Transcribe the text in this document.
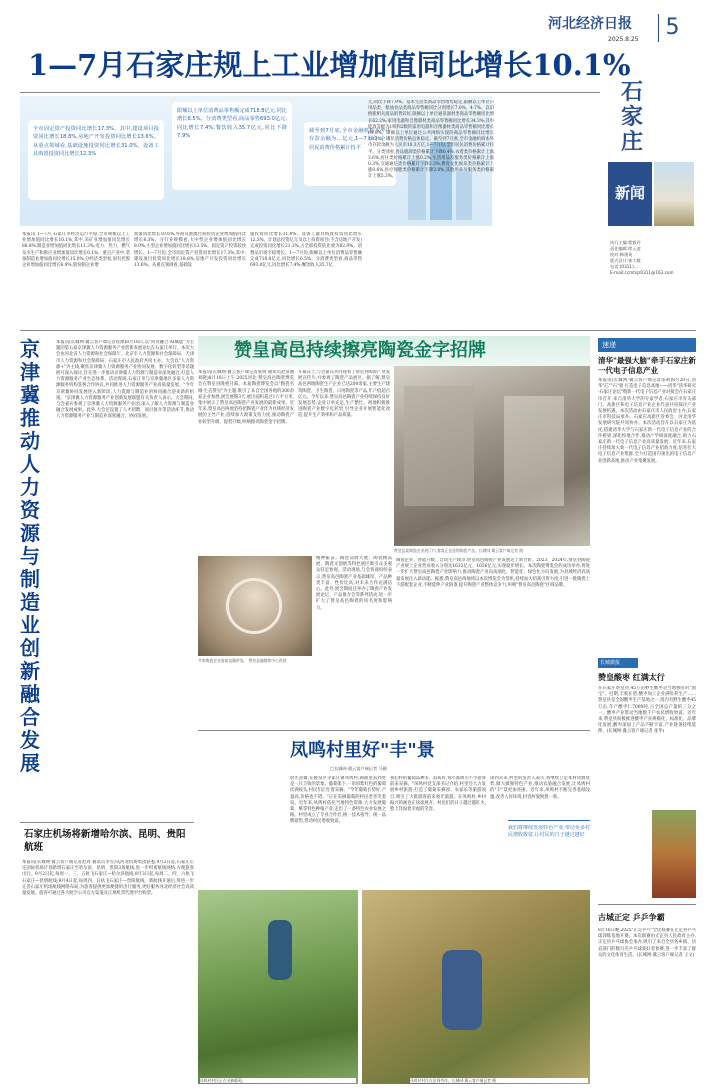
河北经济日报
2025.8.25	5
1—7月石家庄规上工业增加值同比增长10.1%
全市固定资产投资同比增长17.3%。其中,建设项目投资同比增长18.8%,房地产开发投资同比增长13.6%。从重点领域看,基础设施投资同比增长31.0%。设备工具购置投资同比增长12.3%
限额以上单位消费品零售额完成718.8亿元,同比增长6.5%。分消费类型看,商品零售693.0亿元,同比增长7.4%;餐饮收入35.7亿元,同比下降7.9%
截至到7月底,全市金融机构本外币存款余额为…亿元,1—7月份,全市居民消费价格累计持平
本报讯 1—7月,石家庄市经济运行平稳,全市规模以上工业增加值同比增长10.1%,其中,采矿业增加值同比增长88.8%,制造业增加值同比增长11.3%,电力、热力、燃气及水生产和供应业增加值同比增长0.1%。重点产业中,装备制造业增加值同比增长15.0%,分经济类型看,国有控股企业增加值同比增长6.9%,股份制企业增
加值同比增长10.6%,外商及港澳台商投资企业增加值同比增长8.3%。分行业规模看,大中型企业增加值同比增长8.9%,小型企业增加值同比增长13.5%。固定资产投资较快增长。1—7月份,全市固定资产投资同比增长17.3%,其中,建设项目投资同比增长18.8%,房地产开发投资同比增长13.6%。从重点领域看,基础设
施投资同比增长31.0%。设备工器具购置投资同比增长12.3%。计划总投资亿元及以上投资项目(不含房地产开发)完成投资同比增长21.3%,占全部投资的比重为62.9%。消费品市场平稳增长。1—7月份,限额以上单位消费品零售额完成718.8亿元,同比增长6.5%。分消费类型看,商品零售693.0亿元,同比增长7.4%;餐饮收入35.7亿
元,同比下降7.9%。基本生活类商品零售增势稳定,限额以上单位日用品类、粮油食品类商品零售额同比分别增长7.0%、4.7%。以旧换新相关商品销售较好,限额以上单位通讯器材类商品零售额同比增长62.2%;家用电器和音像器材类商品零售额同比增长34.3%;其中能效等级为1级和2级的家用电器和音像器材类商品零售额同比增长69.8%。限额以上单位通过公共网络实现的商品零售额同比增长10.3%。居民消费价格总体稳定。截至到7月底,全市金融机构本外币存款余额为人民币10.3万亿,1—7月份,全市居民消费价格累计持平。分类别看,食品烟酒类价格累计下降0.4%,衣着类价格累计上涨3.6%,居住类价格累计上涨0.2%,生活用品及服务类价格累计上涨0.3%,交通通信类价格累计下降3.3%,教育文化娱乐类价格累计上涨0.6%,医疗保健类价格累计下降2.8%,其他用品及服务类价格累计上涨5.3%。
石
家
庄
新闻
执行主编:程毅玲
责任编辑:徐云凌
校对:韩建英
版式设计:崔大敏
电话:(0311)…
E-mail:ccmtsjz0311@163.com
京津冀推动人力资源与制造业创新融合发展
本报讯(长城网·冀云客户端记者崔源)8月18日,以"同业融合·AI赋能"为主题的第五届京津冀人力资源服务产业创新发展论坛在石家庄举行。本次大会由河北省人力资源和社会保障厅、北京市人力资源和社会保障局、天津市人力资源和社会保障局、石家庄市人民政府共同主办。大会以"人力资源+"为主线,聚焦京津冀人力资源服务产业协同发展、数字化转型等话题展开深入探讨,旨在进一步推动京津冀人力资源与制造业深度融合,打造人力资源服务产业生态体系。活动现场,石家庄市与京津冀地区多家人力资源服务机构签署合作协议,共同推进人力资源服务产业高质量发展。"今年京津冀协同发展进入新阶段,人力资源与制造业的协同融合迎来新的机遇。"京津冀人力资源服务产业创新发展联盟有关负责人表示。大会期间,与会嘉宾参观了京津冀人力资源服务产业园,深入了解人力资源与制造业融合发展成果。此外,大会还设置了人才招聘、项目推介等活动环节,推动人力资源服务产业与制造业深度融合、协同发展。
石家庄机场将新增哈尔滨、昆明、贵阳航班
本报讯(长城网·冀云客户端记者赵周 通讯员李雪)从河北机场集团获悉,9月2日起,石家庄正定国际机场计划新增石家庄至哈尔滨、昆明、贵阳3条航线,进一步织密航线网络,方便旅客出行。9月2日起,每周一、三、五执飞石家庄—哈尔滨航线;9月3日起,每周二、四、六执飞石家庄—昆明航线;9月4日起,每周四、日执飞石家庄—贵阳航线。新航线开通后,将进一步完善石家庄机场航线网络布局,为旅客提供更加便捷的出行服务,更好服务河北经济社会高质量发展。旅客可通过各大航空公司官方渠道及正规机票代理平台购票。
赞皇高邑持续擦亮陶瓷金字招牌
赞皇县某陶瓷企业展厅内,客商正在选购陶瓷产品。长城网·冀云客户端记者 摄
本报讯(长城网·冀云客户端记者张明 通讯员赵彦丽 刘晓)8月18日上午,2025河北·赞皇高邑陶瓷博览会在赞皇县隆重开幕。本届陶瓷博览会以"陶瓷名城·生态赞皇"为主题,吸引了来自全国各地的300余家企业参展,展会展期3天,展出面积超过1万平方米,集中展示了赞皇高邑陶瓷产业发展的最新成果。近年来,赞皇高邑两地坚持把陶瓷产业作为县域经济发展的主导产业,持续加大政策支持力度,推动陶瓷产业转型升级、提档升级,叫响擦亮陶瓷金字招牌。
开幕式上,与会嘉宾共同观看了赞皇县陶瓷产业发展宣传片,并参观了陶瓷产品展区。据了解,赞皇高邑两地陶瓷生产企业已达200余家,主要生产建筑陶瓷、卫生陶瓷、日用陶瓷等产品,年产值超百亿元。今年以来,赞皇高邑陶瓷产业持续保持良好发展态势,企业订单充足,生产繁忙。两地积极推进陶瓷产业数字化转型,引导企业开展智能化改造,提升生产效率和产品质量。
多家陶瓷企业借助直播带货。 赞皇县融媒体中心供图
精神振奋。陶瓷品牌大展、陶瓷精品展、陶瓷文创展等特色展区吸引众多观众驻足参观。活动现场,与会客商纷纷表示,赞皇高邑陶瓷产业基础雄厚、产品种类丰富、性价比高,对未来合作充满信心。此外,展会期间还举办了陶瓷产业发展论坛、产品推介会等系列活动,进一步扩大了赞皇高邑陶瓷的知名度和影响力。
陶瓷企业、智能升级、自动生产线等,赞皇高邑陶瓷产业发展迈上新台阶。2023、2024年,赞皇县陶瓷产业规上企业营业收入分别达1632亿元、1656亿元,实现稳步增长。本次陶瓷博览会的成功举办,将进一步扩大赞皇高邑陶瓷产业影响力,推动陶瓷产业向高端化、智能化、绿色化方向发展,为县域经济高质量发展注入新动能。据悉,赞皇高邑两地将以本次博览会为契机,持续加大招商引资力度,引进一批陶瓷上下游配套企业,不断延伸产业链条,提升陶瓷产业整体竞争力,叫响"赞皇高邑陶瓷"区域品牌。
凤鸣村里好"丰"景
□长城网·冀云客户端记者 马静
晨光熹微,在鹿泉区寺家庄镇凤鸣村,满眼望去到处是一片丰收的景象。葡萄架下,一串串紫红色的葡萄挂满枝头,村民们正忙着采摘。"今年葡萄长势好,产量高,价格也不错。"正在采摘葡萄的村民老李笑着说。近年来,凤鸣村依托当地特色资源,大力发展葡萄、桃等特色种植产业,走出了一条特色农业发展之路。村里成立了专业合作社,统一技术指导、统一品牌销售,带动村民增收致富。
我们村的葡萄品种多、品质好,每年都吸引不少游客前来采摘。"凤鸣村党支部书记介绍,村里还大力发展乡村旅游,打造了葡萄采摘园、农家乐等旅游项目,吸引了大批游客前来观光旅游。在凤鸣村,乡村振兴的画卷正徐徐展开。村民们的日子越过越红火,脸上洋溢着幸福的笑容。
谈到未来,村里的负责人表示,将继续立足本村资源优势,做大做强特色产业,推动农旅融合发展,让凤鸣村的"丰"景更加亮丽。近年来,凤鸣村不断完善基础设施,改善人居环境,村容村貌焕然一新。
我们将继续发展特色产业,带动更多村民增收致富,让村民的日子越过越好
凤鸣村村民正在采摘葡萄。	凤鸣村村民在田间劳作。长城网·冀云客户端记者 摄
速递
清华"最强大脑"牵手石家庄新一代电子信息产业
本报讯(长城网·冀云客户端记者邬莉)8月20日,清华"芯""石"驱 打造电子信息高地——清华"清华研究·石家庄论坛"暨新一代电子信息产业对接会在石家庄市召开,来自清华大学的专家学者,石家庄市有关部门、高新区和电子信息产业企业代表共同探讨产业发展机遇。本次活动由石家庄市人民政府主办,石家庄市科技局承办。石家庄高新区管委会、河北清华发展研究院共同协办。本次活动旨在以石家庄为依托,搭建清华大学与石家庄新一代电子信息产业的合作桥梁,深化校地合作,推动产学研深度融合,助力石家庄新一代电子信息产业高质量发展。近年来,石家庄持续加大新一代电子信息产业招商力度,培育壮大电子信息产业集群,全力打造国内领先的电子信息产业创新高地,推动产业集聚发展。
长城微报
赞皇酸枣 红满太行
在石家庄赞皇县,45万亩野生酸枣是当地独有的"国宝"。近期,丰收在望,酸枣加工企业满负荷生产……赞皇县是全国酸枣生产基地之一,境内有野生酸枣45万亩,年产酸枣仁7000吨,占全国总产量的三分之一。酸枣产业带动当地数千户农民增收致富。近年来,赞皇县积极推进酸枣产业规模化、标准化、品牌化发展,酸枣深加工产品不断丰富,产业链条持续延伸。(长城网·冀云客户端记者 张华)
古城正定 乒乒争霸
8月16日晚,2025"正定乒乓"全民联赛在正定县乒乓球训练基地开赛。本次联赛由正定县人民政府主办,正定县乒乓球协会承办,吸引了来自全县各乡镇、县直部门的数百名乒乓球爱好者参赛,进一步丰富了群众的文化体育生活。(长城网·冀云客户端记者 王文)
